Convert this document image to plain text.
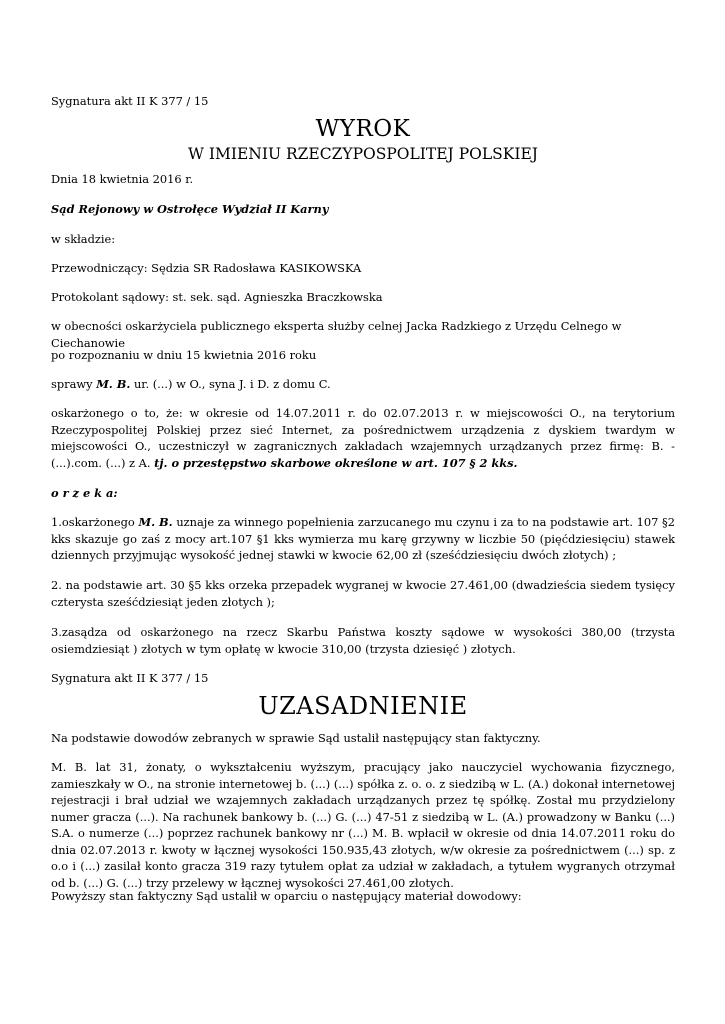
Sygnatura akt II K 377 / 15

WYROK

W IMIENIU RZECZYPOSPOLITEJ POLSKIEJ

Dnia 18 kwietnia 2016 r.

Sąd Rejonowy w Ostrołęce Wydział II Karny

w składzie:

Przewodniczący: Sędzia SR Radosława KASIKOWSKA

Protokolant sądowy: st. sek. sąd. Agnieszka Braczkowska

w obecności oskarżyciela publicznego eksperta służby celnej Jacka Radzkiego z Urzędu Celnego w Ciechanowie

po rozpoznaniu w dniu 15 kwietnia 2016 roku

sprawy M. B. ur. (...) w O., syna J. i D. z domu C.

oskarżonego o to, że: w okresie od 14.07.2011 r. do 02.07.2013 r. w miejscowości O., na terytorium Rzeczypospolitej Polskiej przez sieć Internet, za pośrednictwem urządzenia z dyskiem twardym w miejscowości O., uczestniczył w zagranicznych zakładach wzajemnych urządzanych przez firmę: B. - (...).com. (...) z A. tj. o przestępstwo skarbowe określone w art. 107 § 2 kks.

o r z e k a:

1.oskarżonego M. B. uznaje za winnego popełnienia zarzucanego mu czynu i za to na podstawie art. 107 §2 kks skazuje go zaś z mocy art.107 §1 kks wymierza mu karę grzywny w liczbie 50 (pięćdziesięciu) stawek dziennych przyjmując wysokość jednej stawki w kwocie 62,00 zł (sześćdziesięciu dwóch złotych) ;

2. na podstawie art. 30 §5 kks orzeka przepadek wygranej w kwocie 27.461,00 (dwadzieścia siedem tysięcy czterysta sześćdziesiąt jeden złotych );

3.zasądza od oskarżonego na rzecz Skarbu Państwa koszty sądowe w wysokości 380,00 (trzysta osiemdziesiąt ) złotych w tym opłatę w kwocie 310,00 (trzysta dziesięć ) złotych.

Sygnatura akt II K 377 / 15

UZASADNIENIE

Na podstawie dowodów zebranych w sprawie Sąd ustalił następujący stan faktyczny.

M. B. lat 31, żonaty, o wykształceniu wyższym, pracujący jako nauczyciel wychowania fizycznego, zamieszkały w O., na stronie internetowej b. (...) (...) spółka z. o. o. z siedzibą w L. (A.) dokonał internetowej rejestracji i brał udział we wzajemnych zakładach urządzanych przez tę spółkę. Został mu przydzielony numer gracza (...). Na rachunek bankowy b. (...) G. (...) 47-51 z siedzibą w L. (A.) prowadzony w Banku (...) S.A. o numerze (...) poprzez rachunek bankowy nr (...) M. B. wpłacił w okresie od dnia 14.07.2011 roku do dnia 02.07.2013 r. kwoty w łącznej wysokości 150.935,43 złotych, w/w okresie za pośrednictwem (...) sp. z o.o i (...) zasilał konto gracza 319 razy tytułem opłat za udział w zakładach, a tytułem wygranych otrzymał od b. (...) G. (...) trzy przelewy w łącznej wysokości 27.461,00 złotych.

Powyższy stan faktyczny Sąd ustalił w oparciu o następujący materiał dowodowy:
